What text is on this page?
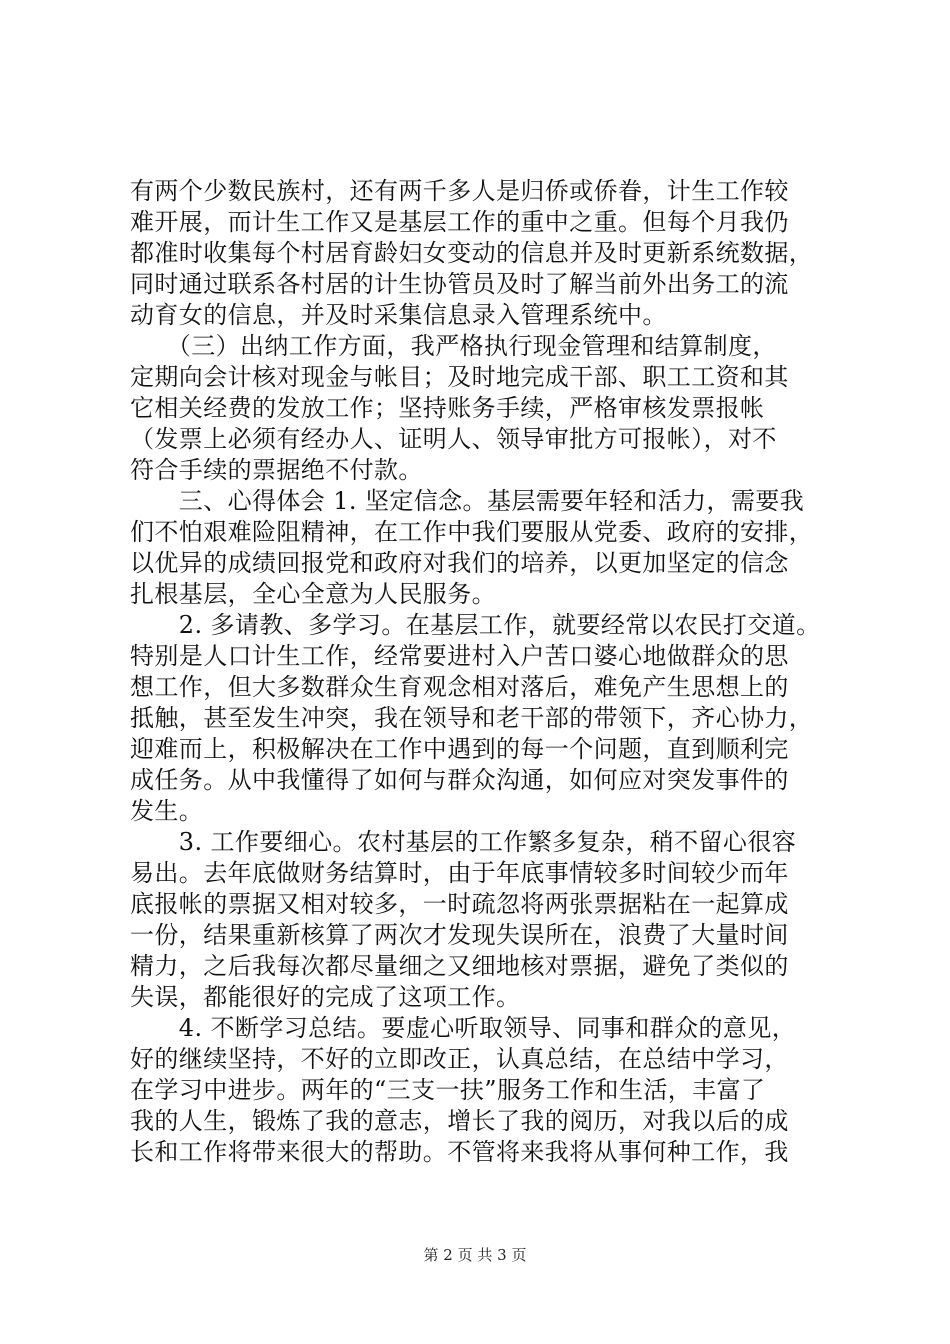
有两个少数民族村，还有两千多人是归侨或侨眷，计生工作较
难开展，而计生工作又是基层工作的重中之重。但每个月我仍
都准时收集每个村居育龄妇女变动的信息并及时更新系统数据，
同时通过联系各村居的计生协管员及时了解当前外出务工的流
动育女的信息，并及时采集信息录入管理系统中。
　　（三）出纳工作方面，我严格执行现金管理和结算制度，
定期向会计核对现金与帐目；及时地完成干部、职工工资和其
它相关经费的发放工作；坚持账务手续，严格审核发票报帐
（发票上必须有经办人、证明人、领导审批方可报帐），对不
符合手续的票据绝不付款。
　　三、心得体会 1. 坚定信念。基层需要年轻和活力，需要我
们不怕艰难险阻精神，在工作中我们要服从党委、政府的安排，
以优异的成绩回报党和政府对我们的培养，以更加坚定的信念
扎根基层，全心全意为人民服务。
　　2. 多请教、多学习。在基层工作，就要经常以农民打交道。
特别是人口计生工作，经常要进村入户苦口婆心地做群众的思
想工作，但大多数群众生育观念相对落后，难免产生思想上的
抵触，甚至发生冲突，我在领导和老干部的带领下，齐心协力，
迎难而上，积极解决在工作中遇到的每一个问题，直到顺利完
成任务。从中我懂得了如何与群众沟通，如何应对突发事件的
发生。
　　3. 工作要细心。农村基层的工作繁多复杂，稍不留心很容
易出。去年底做财务结算时，由于年底事情较多时间较少而年
底报帐的票据又相对较多，一时疏忽将两张票据粘在一起算成
一份，结果重新核算了两次才发现失误所在，浪费了大量时间
精力，之后我每次都尽量细之又细地核对票据，避免了类似的
失误，都能很好的完成了这项工作。
　　4. 不断学习总结。要虚心听取领导、同事和群众的意见，
好的继续坚持，不好的立即改正，认真总结，在总结中学习，
在学习中进步。两年的“三支一扶”服务工作和生活，丰富了
我的人生，锻炼了我的意志，增长了我的阅历，对我以后的成
长和工作将带来很大的帮助。不管将来我将从事何种工作，我
第 2 页 共 3 页
